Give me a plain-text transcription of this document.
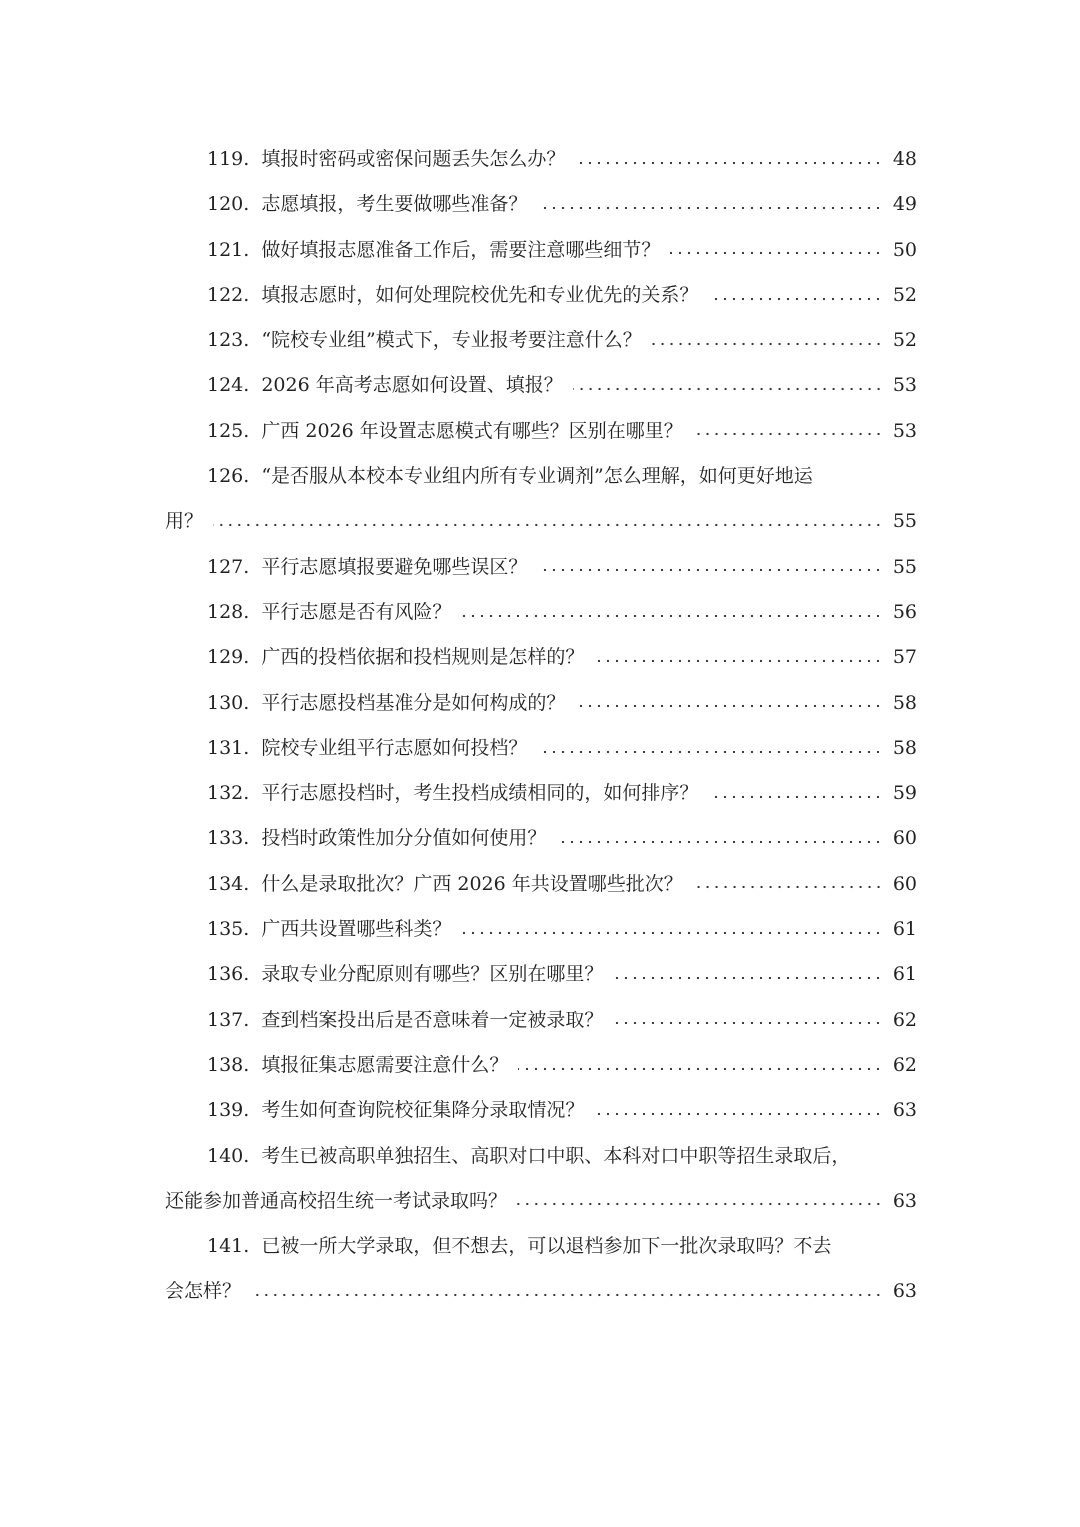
119. 填报时密码或密保问题丢失怎么办？	48
120. 志愿填报，考生要做哪些准备？	49
121. 做好填报志愿准备工作后，需要注意哪些细节？	50
122. 填报志愿时，如何处理院校优先和专业优先的关系？	52
123. “院校专业组”模式下，专业报考要注意什么？	52
124. 2026 年高考志愿如何设置、填报？	53
125. 广西 2026 年设置志愿模式有哪些？区别在哪里？	53
126. “是否服从本校本专业组内所有专业调剂”怎么理解，如何更好地运
用？	55
127. 平行志愿填报要避免哪些误区？	55
128. 平行志愿是否有风险？	56
129. 广西的投档依据和投档规则是怎样的？	57
130. 平行志愿投档基准分是如何构成的？	58
131. 院校专业组平行志愿如何投档？	58
132. 平行志愿投档时，考生投档成绩相同的，如何排序？	59
133. 投档时政策性加分分值如何使用？	60
134. 什么是录取批次？广西 2026 年共设置哪些批次？	60
135. 广西共设置哪些科类？	61
136. 录取专业分配原则有哪些？区别在哪里？	61
137. 查到档案投出后是否意味着一定被录取？	62
138. 填报征集志愿需要注意什么？	62
139. 考生如何查询院校征集降分录取情况？	63
140. 考生已被高职单独招生、高职对口中职、本科对口中职等招生录取后，
还能参加普通高校招生统一考试录取吗？	63
141. 已被一所大学录取，但不想去，可以退档参加下一批次录取吗？不去
会怎样？	63
